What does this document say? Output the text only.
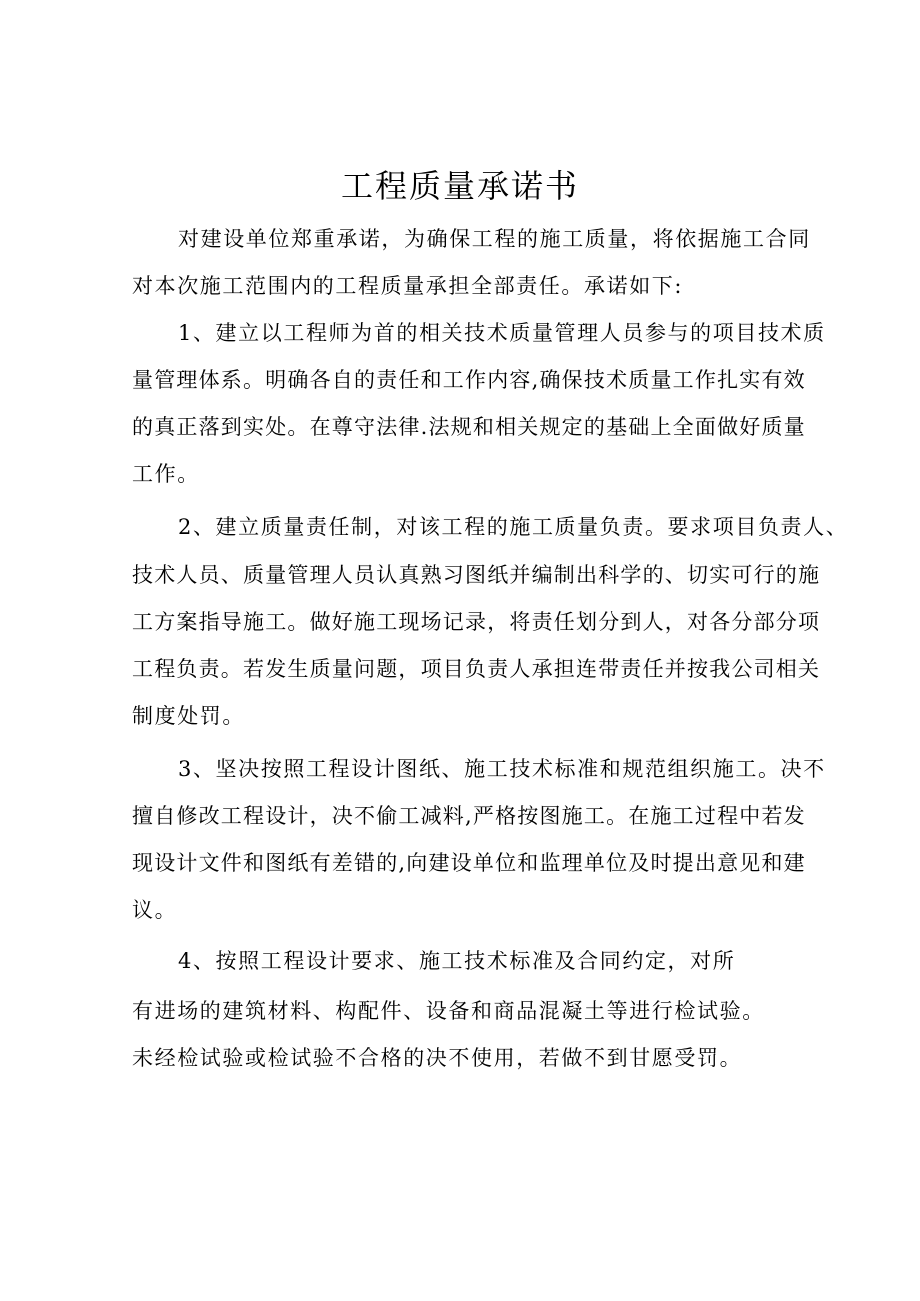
工程质量承诺书

对建设单位郑重承诺，为确保工程的施工质量，将依据施工合同

对本次施工范围内的工程质量承担全部责任。承诺如下:

1、建立以工程师为首的相关技术质量管理人员参与的项目技术质

量管理体系。明确各自的责任和工作内容,确保技术质量工作扎实有效

的真正落到实处。在尊守法律.法规和相关规定的基础上全面做好质量

工作。

2、建立质量责任制，对该工程的施工质量负责。要求项目负责人、

技术人员、质量管理人员认真熟习图纸并编制出科学的、切实可行的施

工方案指导施工。做好施工现场记录，将责任划分到人，对各分部分项

工程负责。若发生质量问题，项目负责人承担连带责任并按我公司相关

制度处罚。

3、坚决按照工程设计图纸、施工技术标准和规范组织施工。决不

擅自修改工程设计，决不偷工减料,严格按图施工。在施工过程中若发

现设计文件和图纸有差错的,向建设单位和监理单位及时提出意见和建

议。

4、按照工程设计要求、施工技术标准及合同约定，对所

有进场的建筑材料、构配件、设备和商品混凝土等进行检试验。

未经检试验或检试验不合格的决不使用，若做不到甘愿受罚。
